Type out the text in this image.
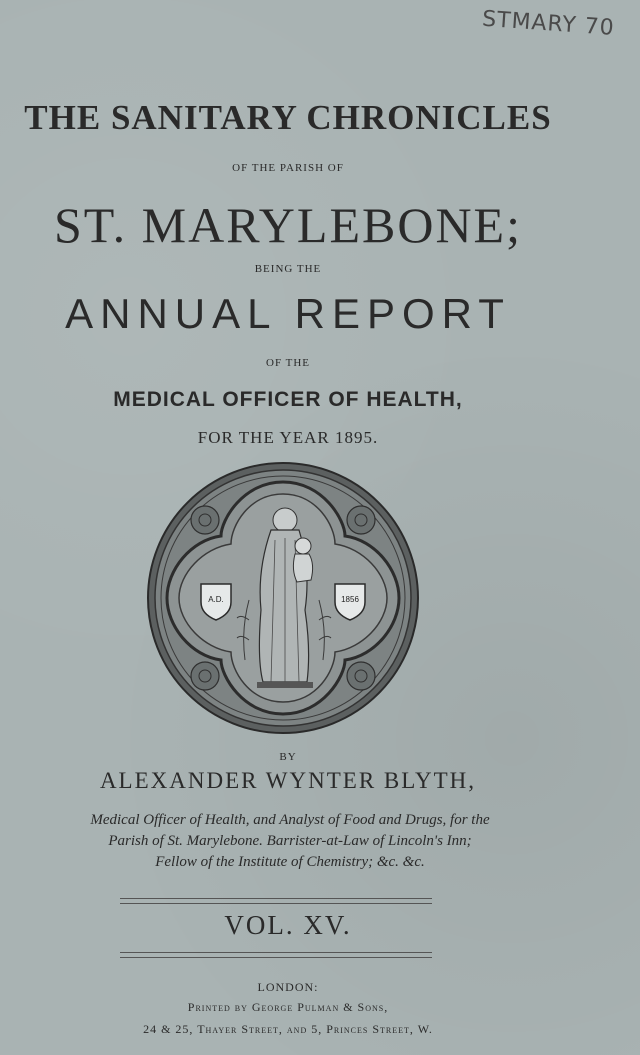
STMARY 70
THE SANITARY CHRONICLES
OF THE PARISH OF
ST. MARYLEBONE;
BEING THE
ANNUAL REPORT
OF THE
MEDICAL OFFICER OF HEALTH,
FOR THE YEAR 1895.
A.D.	1856
BY
ALEXANDER WYNTER BLYTH,
Medical Officer of Health, and Analyst of Food and Drugs, for the
Parish of St. Marylebone. Barrister-at-Law of Lincoln's Inn;
Fellow of the Institute of Chemistry; &c. &c.
VOL. XV.
LONDON:
Printed by George Pulman & Sons,
24 & 25, Thayer Street, and 5, Princes Street, W.
